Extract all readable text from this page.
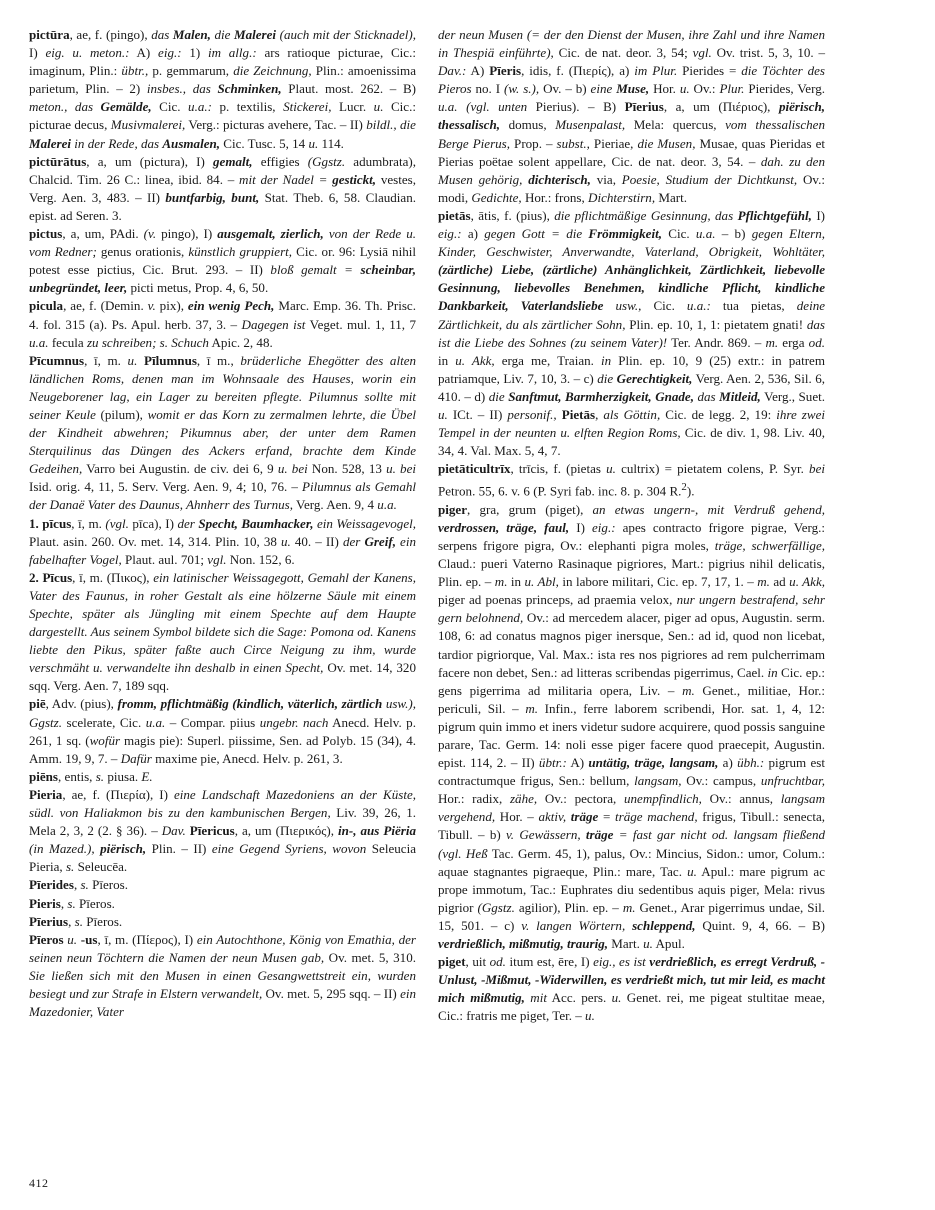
pictūra, ae, f. (pingo), das Malen, die Malerei (auch mit der Sticknadel), I) eig. u. meton.: A) eig.: 1) im allg.: ars ratioque picturae, Cic.: imaginum, Plin.: übtr., p. gemmarum, die Zeichnung, Plin.: amoenissima parietum, Plin. – 2) insbes., das Schminken, Plaut. most. 262. – B) meton., das Gemälde, Cic. u.a.: p. textilis, Stickerei, Lucr. u. Cic.: picturae decus, Musivmalerei, Verg.: picturas avehere, Tac. – II) bildl., die Malerei in der Rede, das Ausmalen, Cic. Tusc. 5, 14 u. 114.

pictūrātus, a, um (pictura), I) gemalt, effigies (Ggstz. adumbrata), Chalcid. Tim. 26 C.: linea, ibid. 84. – mit der Nadel = gestickt, vestes, Verg. Aen. 3, 483. – II) buntfarbig, bunt, Stat. Theb. 6, 58. Claudian. epist. ad Seren. 3.

pictus, a, um, PAdi. (v. pingo), I) ausgemalt, zierlich, von der Rede u. vom Redner; genus orationis, künstlich gruppiert, Cic. or. 96: Lysiā nihil potest esse pictius, Cic. Brut. 293. – II) bloß gemalt = scheinbar, unbegründet, leer, picti metus, Prop. 4, 6, 50.

picula, ae, f. (Demin. v. pix), ein wenig Pech, Marc. Emp. 36. Th. Prisc. 4. fol. 315 (a). Ps. Apul. herb. 37, 3. – Dagegen ist Veget. mul. 1, 11, 7 u.a. fecula zu schreiben; s. Schuch Apic. 2, 48.

Pīcumnus, ī, m. u. Pīlumnus, ī m., brüderliche Ehegötter des alten ländlichen Roms, denen man im Wohnsaale des Hauses, worin ein Neugeborener lag, ein Lager zu bereiten pflegte. Pilumnus sollte mit seiner Keule (pilum), womit er das Korn zu zermalmen lehrte, die Übel der Kindheit abwehren; Pikumnus aber, der unter dem Ramen Sterquilinus das Düngen des Ackers erfand, brachte dem Kinde Gedeihen, Varro bei Augustin. de civ. dei 6, 9 u. bei Non. 528, 13 u. bei Isid. orig. 4, 11, 5. Serv. Verg. Aen. 9, 4; 10, 76. – Pilumnus als Gemahl der Danaë Vater des Daunus, Ahnherr des Turnus, Verg. Aen. 9, 4 u.a.

1. pīcus, ī, m. (vgl. pīca), I) der Specht, Baumhacker, ein Weissagevogel, Plaut. asin. 260. Ov. met. 14, 314. Plin. 10, 38 u. 40. – II) der Greif, ein fabelhafter Vogel, Plaut. aul. 701; vgl. Non. 152, 6.

2. Pīcus, ī, m. (Πικος), ein latinischer Weissagegott, Gemahl der Kanens, Vater des Faunus, in roher Gestalt als eine hölzerne Säule mit einem Spechte, später als Jüngling mit einem Spechte auf dem Haupte dargestellt. Aus seinem Symbol bildete sich die Sage: Pomona od. Kanens liebte den Pikus, später faßte auch Circe Neigung zu ihm, wurde verschmäht u. verwandelte ihn deshalb in einen Specht, Ov. met. 14, 320 sqq. Verg. Aen. 7, 189 sqq.

piē, Adv. (pius), fromm, pflichtmäßig (kindlich, väterlich, zärtlich usw.), Ggstz. scelerate, Cic. u.a. – Compar. piius ungebr. nach Anecd. Helv. p. 261, 1 sq. (wofür magis pie): Superl. piissime, Sen. ad Polyb. 15 (34), 4. Amm. 19, 9, 7. – Dafür maxime pie, Anecd. Helv. p. 261, 3.

piēns, entis, s. piusa. E.

Pieria, ae, f. (Πιερία), I) eine Landschaft Mazedoniens an der Küste, südl. von Haliakmon bis zu den kambunischen Bergen, Liv. 39, 26, 1. Mela 2, 3, 2 (2. § 36). – Dav. Pīericus, a, um (Πιερικός), in-, aus Piëria (in Mazed.), piërisch, Plin. – II) eine Gegend Syriens, wovon Seleucia Pieria, s. Seleucēa.

Pīerides, s. Pīeros.

Pieris, s. Pīeros.

Pīerius, s. Pīeros.

Pīeros u. -us, ī, m. (Πίερος), I) ein Autochthone, König von Emathia, der seinen neun Töchtern die Namen der neun Musen gab, Ov. met. 5, 310. Sie ließen sich mit den Musen in einen Gesangwettstreit ein, wurden besiegt und zur Strafe in Elstern verwandelt, Ov. met. 5, 295 sqq. – II) ein Mazedonier, Vater

der neun Musen (= der den Dienst der Musen, ihre Zahl und ihre Namen in Thespiä einführte), Cic. de nat. deor. 3, 54; vgl. Ov. trist. 5, 3, 10. – Dav.: A) Pīeris, idis, f. (Πιερίς), a) im Plur. Pierides = die Töchter des Pieros no. I (w. s.), Ov. – b) eine Muse, Hor. u. Ov.: Plur. Pierides, Verg. u.a. (vgl. unten Pierius). – B) Pīerius, a, um (Πιέριος), piërisch, thessalisch, domus, Musenpalast, Mela: quercus, vom thessalischen Berge Pierus, Prop. – subst., Pieriae, die Musen, Musae, quas Pieridas et Pierias poëtae solent appellare, Cic. de nat. deor. 3, 54. – dah. zu den Musen gehörig, dichterisch, via, Poesie, Studium der Dichtkunst, Ov.: modi, Gedichte, Hor.: frons, Dichterstirn, Mart.

pietās, ātis, f. (pius), die pflichtmäßige Gesinnung, das Pflichtgefühl, I) eig.: a) gegen Gott = die Frömmigkeit, Cic. u.a. – b) gegen Eltern, Kinder, Geschwister, Anverwandte, Vaterland, Obrigkeit, Wohltäter, (zärtliche) Liebe, (zärtliche) Anhänglichkeit, Zärtlichkeit, liebevolle Gesinnung, liebevolles Benehmen, kindliche Pflicht, kindliche Dankbarkeit, Vaterlandsliebe usw., Cic. u.a.: tua pietas, deine Zärtlichkeit, du als zärtlicher Sohn, Plin. ep. 10, 1, 1: pietatem gnati! das ist die Liebe des Sohnes (zu seinem Vater)! Ter. Andr. 869. – m. erga od. in u. Akk, erga me, Traian. in Plin. ep. 10, 9 (25) extr.: in patrem patriamque, Liv. 7, 10, 3. – c) die Gerechtigkeit, Verg. Aen. 2, 536, Sil. 6, 410. – d) die Sanftmut, Barmherzigkeit, Gnade, das Mitleid, Verg., Suet. u. ICt. – II) personif., Pietās, als Göttin, Cic. de legg. 2, 19: ihre zwei Tempel in der neunten u. elften Region Roms, Cic. de div. 1, 98. Liv. 40, 34, 4. Val. Max. 5, 4, 7.

pietāticultrīx, trīcis, f. (pietas u. cultrix) = pietatem colens, P. Syr. bei Petron. 55, 6. v. 6 (P. Syri fab. inc. 8. p. 304 R.$^2$).

piger, gra, grum (piget), an etwas ungern-, mit Verdruß gehend, verdrossen, träge, faul, I) eig.: apes contracto frigore pigrae, Verg.: serpens frigore pigra, Ov.: elephanti pigra moles, träge, schwerfällige, Claud.: pueri Vaterno Rasinaque pigriores, Mart.: pigrius nihil delicatis, Plin. ep. – m. in u. Abl, in labore militari, Cic. ep. 7, 17, 1. – m. ad u. Akk, piger ad poenas princeps, ad praemia velox, nur ungern bestrafend, sehr gern belohnend, Ov.: ad mercedem alacer, piger ad opus, Augustin. serm. 108, 6: ad conatus magnos piger inersque, Sen.: ad id, quod non licebat, tardior pigriorque, Val. Max.: ista res nos pigriores ad rem pulcherrimam facere non debet, Sen.: ad litteras scribendas pigerrimus, Cael. in Cic. ep.: gens pigerrima ad militaria opera, Liv. – m. Genet., militiae, Hor.: periculi, Sil. – m. Infin., ferre laborem scribendi, Hor. sat. 1, 4, 12: pigrum quin immo et iners videtur sudore acquirere, quod possis sanguine parare, Tac. Germ. 14: noli esse piger facere quod praecepit, Augustin. epist. 114, 2. – II) übtr.: A) untätig, träge, langsam, a) übh.: pigrum est contractumque frigus, Sen.: bellum, langsam, Ov.: campus, unfruchtbar, Hor.: radix, zähe, Ov.: pectora, unempfindlich, Ov.: annus, langsam vergehend, Hor. – aktiv, träge = träge machend, frigus, Tibull.: senecta, Tibull. – b) v. Gewässern, träge = fast gar nicht od. langsam fließend (vgl. Heß Tac. Germ. 45, 1), palus, Ov.: Mincius, Sidon.: umor, Colum.: aquae stagnantes pigraeque, Plin.: mare, Tac. u. Apul.: mare pigrum ac prope immotum, Tac.: Euphrates diu sedentibus aquis piger, Mela: rivus pigrior (Ggstz. agilior), Plin. ep. – m. Genet., Arar pigerrimus undae, Sil. 15, 501. – c) v. langen Wörtern, schleppend, Quint. 9, 4, 66. – B) verdrießlich, mißmutig, traurig, Mart. u. Apul.

piget, uit od. itum est, ēre, I) eig., es ist verdrießlich, es erregt Verdruß, -Unlust, -Mißmut, -Widerwillen, es verdrießt mich, tut mir leid, es macht mich mißmutig, mit Acc. pers. u. Genet. rei, me pigeat stultitae meae, Cic.: fratris me piget, Ter. – u.

412
